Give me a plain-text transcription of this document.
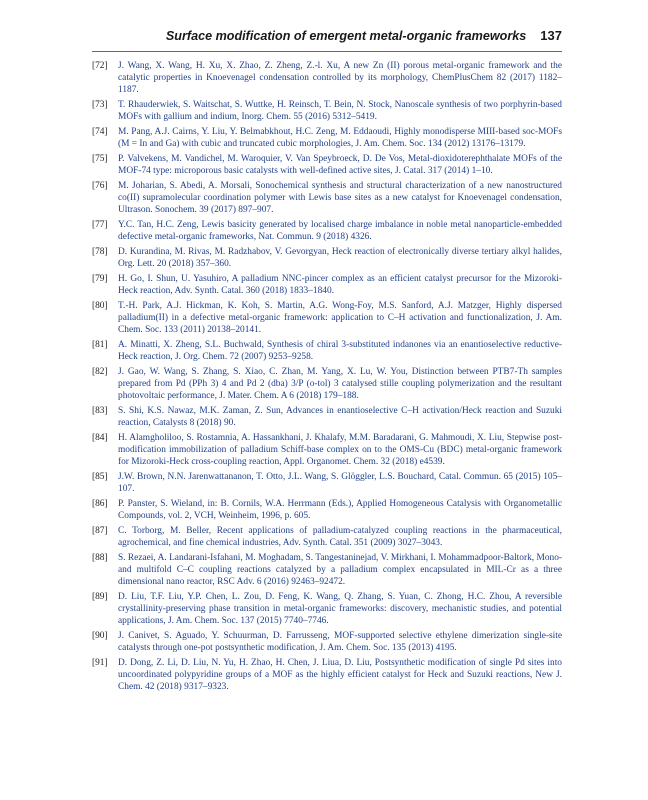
Surface modification of emergent metal-organic frameworks 137
[72]	J. Wang, X. Wang, H. Xu, X. Zhao, Z. Zheng, Z.-l. Xu, A new Zn (II) porous metal-organic framework and the catalytic properties in Knoevenagel condensation controlled by its morphology, ChemPlusChem 82 (2017) 1182–1187.
[73]	T. Rhauderwiek, S. Waitschat, S. Wuttke, H. Reinsch, T. Bein, N. Stock, Nanoscale synthesis of two porphyrin-based MOFs with gallium and indium, Inorg. Chem. 55 (2016) 5312–5419.
[74]	M. Pang, A.J. Cairns, Y. Liu, Y. Belmabkhout, H.C. Zeng, M. Eddaoudi, Highly monodisperse MIII-based soc-MOFs (M = In and Ga) with cubic and truncated cubic morphologies, J. Am. Chem. Soc. 134 (2012) 13176–13179.
[75]	P. Valvekens, M. Vandichel, M. Waroquier, V. Van Speybroeck, D. De Vos, Metal-dioxidoterephthalate MOFs of the MOF-74 type: microporous basic catalysts with well-defined active sites, J. Catal. 317 (2014) 1–10.
[76]	M. Joharian, S. Abedi, A. Morsali, Sonochemical synthesis and structural characterization of a new nanostructured co(II) supramolecular coordination polymer with Lewis base sites as a new catalyst for Knoevenagel condensation, Ultrason. Sonochem. 39 (2017) 897–907.
[77]	Y.C. Tan, H.C. Zeng, Lewis basicity generated by localised charge imbalance in noble metal nanoparticle-embedded defective metal-organic frameworks, Nat. Commun. 9 (2018) 4326.
[78]	D. Kurandina, M. Rivas, M. Radzhabov, V. Gevorgyan, Heck reaction of electronically diverse tertiary alkyl halides, Org. Lett. 20 (2018) 357–360.
[79]	H. Go, I. Shun, U. Yasuhiro, A palladium NNC-pincer complex as an efficient catalyst precursor for the Mizoroki-Heck reaction, Adv. Synth. Catal. 360 (2018) 1833–1840.
[80]	T.-H. Park, A.J. Hickman, K. Koh, S. Martin, A.G. Wong-Foy, M.S. Sanford, A.J. Matzger, Highly dispersed palladium(II) in a defective metal-organic framework: application to C–H activation and functionalization, J. Am. Chem. Soc. 133 (2011) 20138–20141.
[81]	A. Minatti, X. Zheng, S.L. Buchwald, Synthesis of chiral 3-substituted indanones via an enantioselective reductive-Heck reaction, J. Org. Chem. 72 (2007) 9253–9258.
[82]	J. Gao, W. Wang, S. Zhang, S. Xiao, C. Zhan, M. Yang, X. Lu, W. You, Distinction between PTB7-Th samples prepared from Pd (PPh 3) 4 and Pd 2 (dba) 3/P (o-tol) 3 catalysed stille coupling polymerization and the resultant photovoltaic performance, J. Mater. Chem. A 6 (2018) 179–188.
[83]	S. Shi, K.S. Nawaz, M.K. Zaman, Z. Sun, Advances in enantioselective C–H activation/Heck reaction and Suzuki reaction, Catalysts 8 (2018) 90.
[84]	H. Alamgholiloo, S. Rostamnia, A. Hassankhani, J. Khalafy, M.M. Baradarani, G. Mahmoudi, X. Liu, Stepwise post-modification immobilization of palladium Schiff-base complex on to the OMS-Cu (BDC) metal-organic framework for Mizoroki-Heck cross-coupling reaction, Appl. Organomet. Chem. 32 (2018) e4539.
[85]	J.W. Brown, N.N. Jarenwattananon, T. Otto, J.L. Wang, S. Glöggler, L.S. Bouchard, Catal. Commun. 65 (2015) 105–107.
[86]	P. Panster, S. Wieland, in: B. Cornils, W.A. Herrmann (Eds.), Applied Homogeneous Catalysis with Organometallic Compounds, vol. 2, VCH, Weinheim, 1996, p. 605.
[87]	C. Torborg, M. Beller, Recent applications of palladium-catalyzed coupling reactions in the pharmaceutical, agrochemical, and fine chemical industries, Adv. Synth. Catal. 351 (2009) 3027–3043.
[88]	S. Rezaei, A. Landarani-Isfahani, M. Moghadam, S. Tangestaninejad, V. Mirkhani, I. Mohammadpoor-Baltork, Mono- and multifold C–C coupling reactions catalyzed by a palladium complex encapsulated in MIL-Cr as a three dimensional nano reactor, RSC Adv. 6 (2016) 92463–92472.
[89]	D. Liu, T.F. Liu, Y.P. Chen, L. Zou, D. Feng, K. Wang, Q. Zhang, S. Yuan, C. Zhong, H.C. Zhou, A reversible crystallinity-preserving phase transition in metal-organic frameworks: discovery, mechanistic studies, and potential applications, J. Am. Chem. Soc. 137 (2015) 7740–7746.
[90]	J. Canivet, S. Aguado, Y. Schuurman, D. Farrusseng, MOF-supported selective ethylene dimerization single-site catalysts through one-pot postsynthetic modification, J. Am. Chem. Soc. 135 (2013) 4195.
[91]	D. Dong, Z. Li, D. Liu, N. Yu, H. Zhao, H. Chen, J. Liua, D. Liu, Postsynthetic modification of single Pd sites into uncoordinated polypyridine groups of a MOF as the highly efficient catalyst for Heck and Suzuki reactions, New J. Chem. 42 (2018) 9317–9323.
